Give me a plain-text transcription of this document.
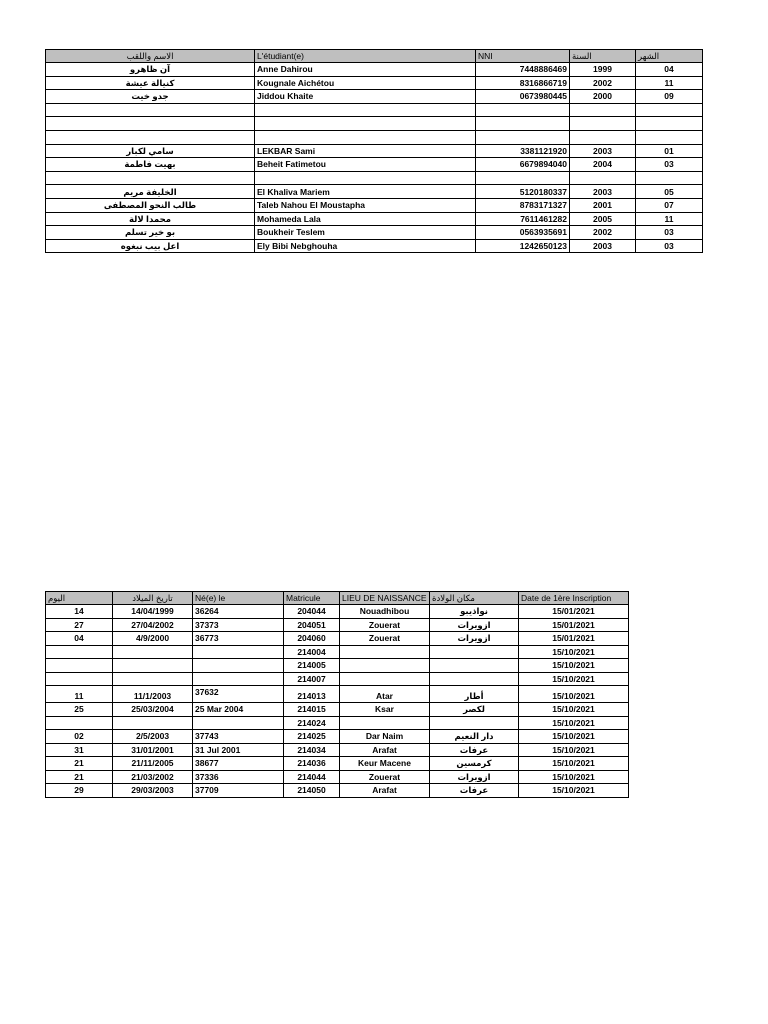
الاسم واللقب	L'étudiant(e)	NNI	السنة	الشهر
آن ظاهرو	Anne Dahirou	7448886469	1999	04
كنيالة عيشة	Kougnale Aichétou	8316866719	2002	11
جدو خيت	Jiddou Khaite	0673980445	2000	09

سامي لكبار	LEKBAR Sami	3381121920	2003	01
بهيت فاطمة	Beheit Fatimetou	6679894040	2004	03

الخليفة مريم	El Khaliva Mariem	5120180337	2003	05
طالب النحو المصطفى	Taleb Nahou El Moustapha	8783171327	2001	07
محمدا لالة	Mohameda Lala	7611461282	2005	11
بو خير تسلم	Boukheir Teslem	0563935691	2002	03
اعل بيب نبغوه	Ely Bibi Nebghouha	1242650123	2003	03
اليوم	تاريخ الميلاد	Né(e) le	Matricule	LIEU DE NAISSANCE	مكان الولادة	Date de 1ère Inscription
14	14/04/1999	36264	204044	Nouadhibou	نواذيبو	15/01/2021
27	27/04/2002	37373	204051	Zouerat	ازويرات	15/01/2021
04	4/9/2000	36773	204060	Zouerat	ازويرات	15/01/2021
			214004			15/10/2021
			214005			15/10/2021
			214007			15/10/2021
11	11/1/2003	37632	214013	Atar	أطار	15/10/2021
25	25/03/2004	25 Mar 2004	214015	Ksar	لكصر	15/10/2021
			214024			15/10/2021
02	2/5/2003	37743	214025	Dar Naim	دار النعيم	15/10/2021
31	31/01/2001	31 Jul 2001	214034	Arafat	عرفات	15/10/2021
21	21/11/2005	38677	214036	Keur Macene	كرمسين	15/10/2021
21	21/03/2002	37336	214044	Zouerat	ازويرات	15/10/2021
29	29/03/2003	37709	214050	Arafat	عرفات	15/10/2021
